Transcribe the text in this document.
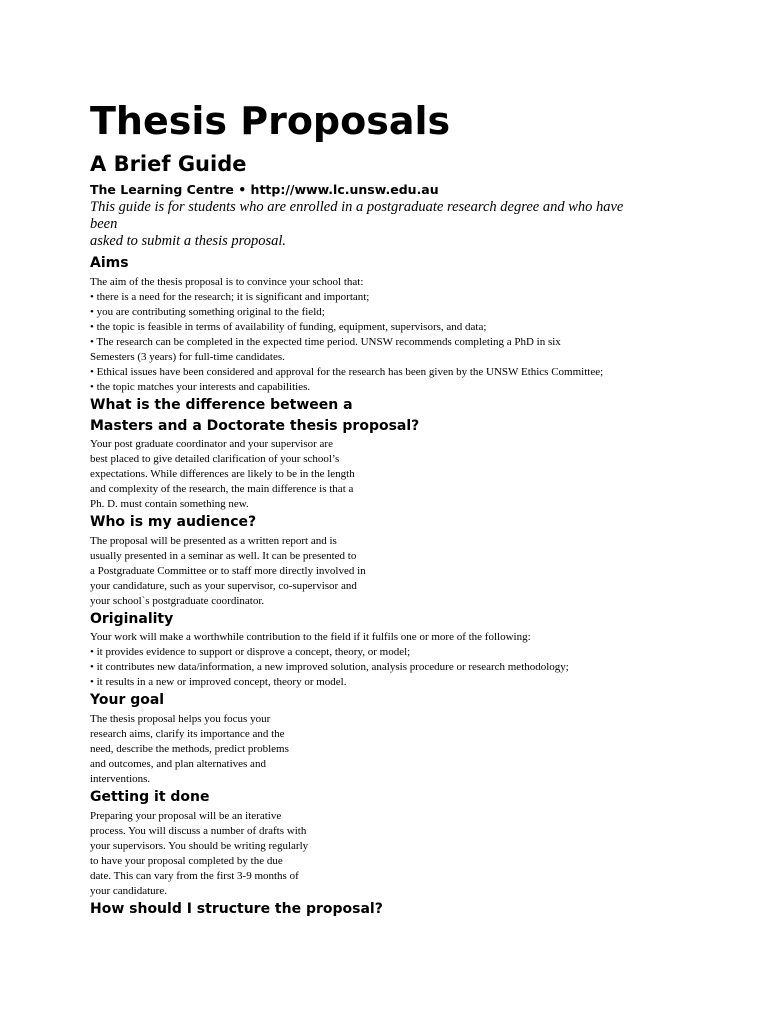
Thesis Proposals
A Brief Guide

The Learning Centre • http://www.lc.unsw.edu.au

This guide is for students who are enrolled in a postgraduate research degree and who have
been
asked to submit a thesis proposal.

Aims
The aim of the thesis proposal is to convince your school that:
• there is a need for the research; it is significant and important;
• you are contributing something original to the field;
• the topic is feasible in terms of availability of funding, equipment, supervisors, and data;
• The research can be completed in the expected time period. UNSW recommends completing a PhD in six
Semesters (3 years) for full-time candidates.
• Ethical issues have been considered and approval for the research has been given by the UNSW Ethics Committee;
• the topic matches your interests and capabilities.
What is the difference between a
Masters and a Doctorate thesis proposal?
Your post graduate coordinator and your supervisor are
best placed to give detailed clarification of your school’s
expectations. While differences are likely to be in the length
and complexity of the research, the main difference is that a
Ph. D. must contain something new.
Who is my audience?
The proposal will be presented as a written report and is
usually presented in a seminar as well. It can be presented to
a Postgraduate Committee or to staff more directly involved in
your candidature, such as your supervisor, co-supervisor and
your school`s postgraduate coordinator.
Originality
Your work will make a worthwhile contribution to the field if it fulfils one or more of the following:
• it provides evidence to support or disprove a concept, theory, or model;
• it contributes new data/information, a new improved solution, analysis procedure or research methodology;
• it results in a new or improved concept, theory or model.
Your goal
The thesis proposal helps you focus your
research aims, clarify its importance and the
need, describe the methods, predict problems
and outcomes, and plan alternatives and
interventions.
Getting it done
Preparing your proposal will be an iterative
process. You will discuss a number of drafts with
your supervisors. You should be writing regularly
to have your proposal completed by the due
date. This can vary from the first 3-9 months of
your candidature.
How should I structure the proposal?
